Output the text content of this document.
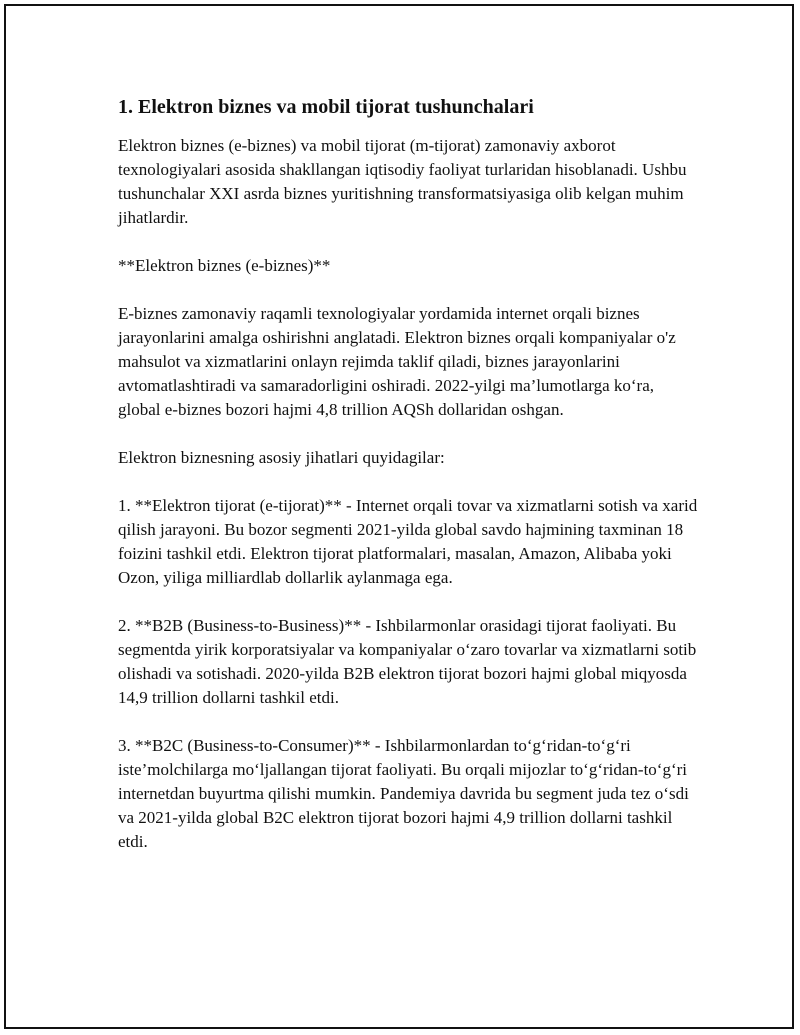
1. Elektron biznes va mobil tijorat tushunchalari

Elektron biznes (e-biznes) va mobil tijorat (m-tijorat) zamonaviy axborot texnologiyalari asosida shakllangan iqtisodiy faoliyat turlaridan hisoblanadi. Ushbu tushunchalar XXI asrda biznes yuritishning transformatsiyasiga olib kelgan muhim jihatlardir.

**Elektron biznes (e-biznes)**

E-biznes zamonaviy raqamli texnologiyalar yordamida internet orqali biznes jarayonlarini amalga oshirishni anglatadi. Elektron biznes orqali kompaniyalar o'z mahsulot va xizmatlarini onlayn rejimda taklif qiladi, biznes jarayonlarini avtomatlashtiradi va samaradorligini oshiradi. 2022-yilgi ma’lumotlarga ko‘ra, global e-biznes bozori hajmi 4,8 trillion AQSh dollaridan oshgan.

Elektron biznesning asosiy jihatlari quyidagilar:

1. **Elektron tijorat (e-tijorat)** - Internet orqali tovar va xizmatlarni sotish va xarid qilish jarayoni. Bu bozor segmenti 2021-yilda global savdo hajmining taxminan 18 foizini tashkil etdi. Elektron tijorat platformalari, masalan, Amazon, Alibaba yoki Ozon, yiliga milliardlab dollarlik aylanmaga ega.

2. **B2B (Business-to-Business)** - Ishbilarmonlar orasidagi tijorat faoliyati. Bu segmentda yirik korporatsiyalar va kompaniyalar o‘zaro tovarlar va xizmatlarni sotib olishadi va sotishadi. 2020-yilda B2B elektron tijorat bozori hajmi global miqyosda 14,9 trillion dollarni tashkil etdi.

3. **B2C (Business-to-Consumer)** - Ishbilarmonlardan to‘g‘ridan-to‘g‘ri iste’molchilarga mo‘ljallangan tijorat faoliyati. Bu orqali mijozlar to‘g‘ridan-to‘g‘ri internetdan buyurtma qilishi mumkin. Pandemiya davrida bu segment juda tez o‘sdi va 2021-yilda global B2C elektron tijorat bozori hajmi 4,9 trillion dollarni tashkil etdi.
